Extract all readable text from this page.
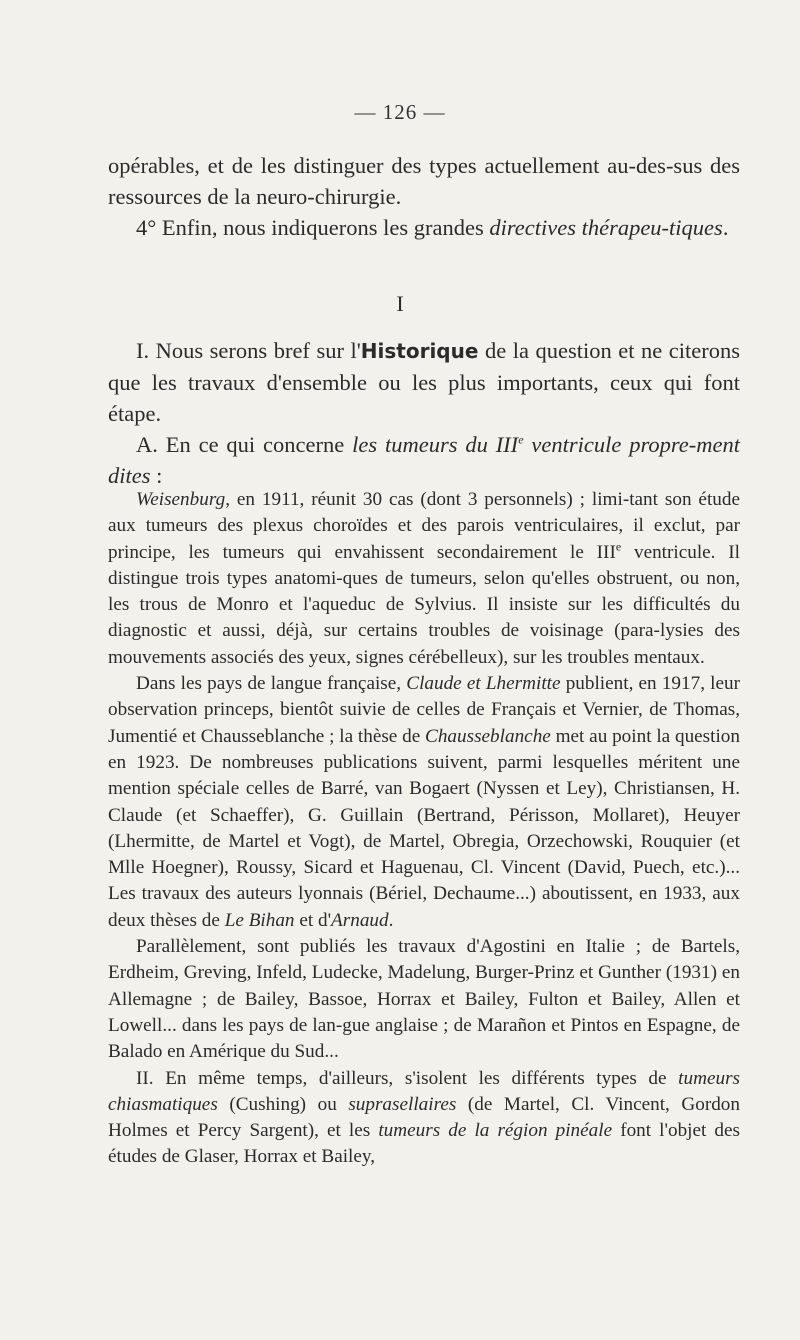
— 126 —

opérables, et de les distinguer des types actuellement au-des-sus des ressources de la neuro-chirurgie.

4° Enfin, nous indiquerons les grandes directives thérapeu-tiques.

I

I. Nous serons bref sur l'Historique de la question et ne citerons que les travaux d'ensemble ou les plus importants, ceux qui font étape.

A. En ce qui concerne les tumeurs du IIIe ventricule propre-ment dites :

Weisenburg, en 1911, réunit 30 cas (dont 3 personnels) ; limi-tant son étude aux tumeurs des plexus choroïdes et des parois ventriculaires, il exclut, par principe, les tumeurs qui envahissent secondairement le IIIe ventricule. Il distingue trois types anatomi-ques de tumeurs, selon qu'elles obstruent, ou non, les trous de Monro et l'aqueduc de Sylvius. Il insiste sur les difficultés du diagnostic et aussi, déjà, sur certains troubles de voisinage (para-lysies des mouvements associés des yeux, signes cérébelleux), sur les troubles mentaux.

Dans les pays de langue française, Claude et Lhermitte publient, en 1917, leur observation princeps, bientôt suivie de celles de Français et Vernier, de Thomas, Jumentié et Chausseblanche ; la thèse de Chausseblanche met au point la question en 1923. De nombreuses publications suivent, parmi lesquelles méritent une mention spéciale celles de Barré, van Bogaert (Nyssen et Ley), Christiansen, H. Claude (et Schaeffer), G. Guillain (Bertrand, Périsson, Mollaret), Heuyer (Lhermitte, de Martel et Vogt), de Martel, Obregia, Orzechowski, Rouquier (et Mlle Hoegner), Roussy, Sicard et Haguenau, Cl. Vincent (David, Puech, etc.)... Les travaux des auteurs lyonnais (Bériel, Dechaume...) aboutissent, en 1933, aux deux thèses de Le Bihan et d'Arnaud.

Parallèlement, sont publiés les travaux d'Agostini en Italie ; de Bartels, Erdheim, Greving, Infeld, Ludecke, Madelung, Burger-Prinz et Gunther (1931) en Allemagne ; de Bailey, Bassoe, Horrax et Bailey, Fulton et Bailey, Allen et Lowell... dans les pays de lan-gue anglaise ; de Marañon et Pintos en Espagne, de Balado en Amérique du Sud...

II. En même temps, d'ailleurs, s'isolent les différents types de tumeurs chiasmatiques (Cushing) ou suprasellaires (de Martel, Cl. Vincent, Gordon Holmes et Percy Sargent), et les tumeurs de la région pinéale font l'objet des études de Glaser, Horrax et Bailey,
